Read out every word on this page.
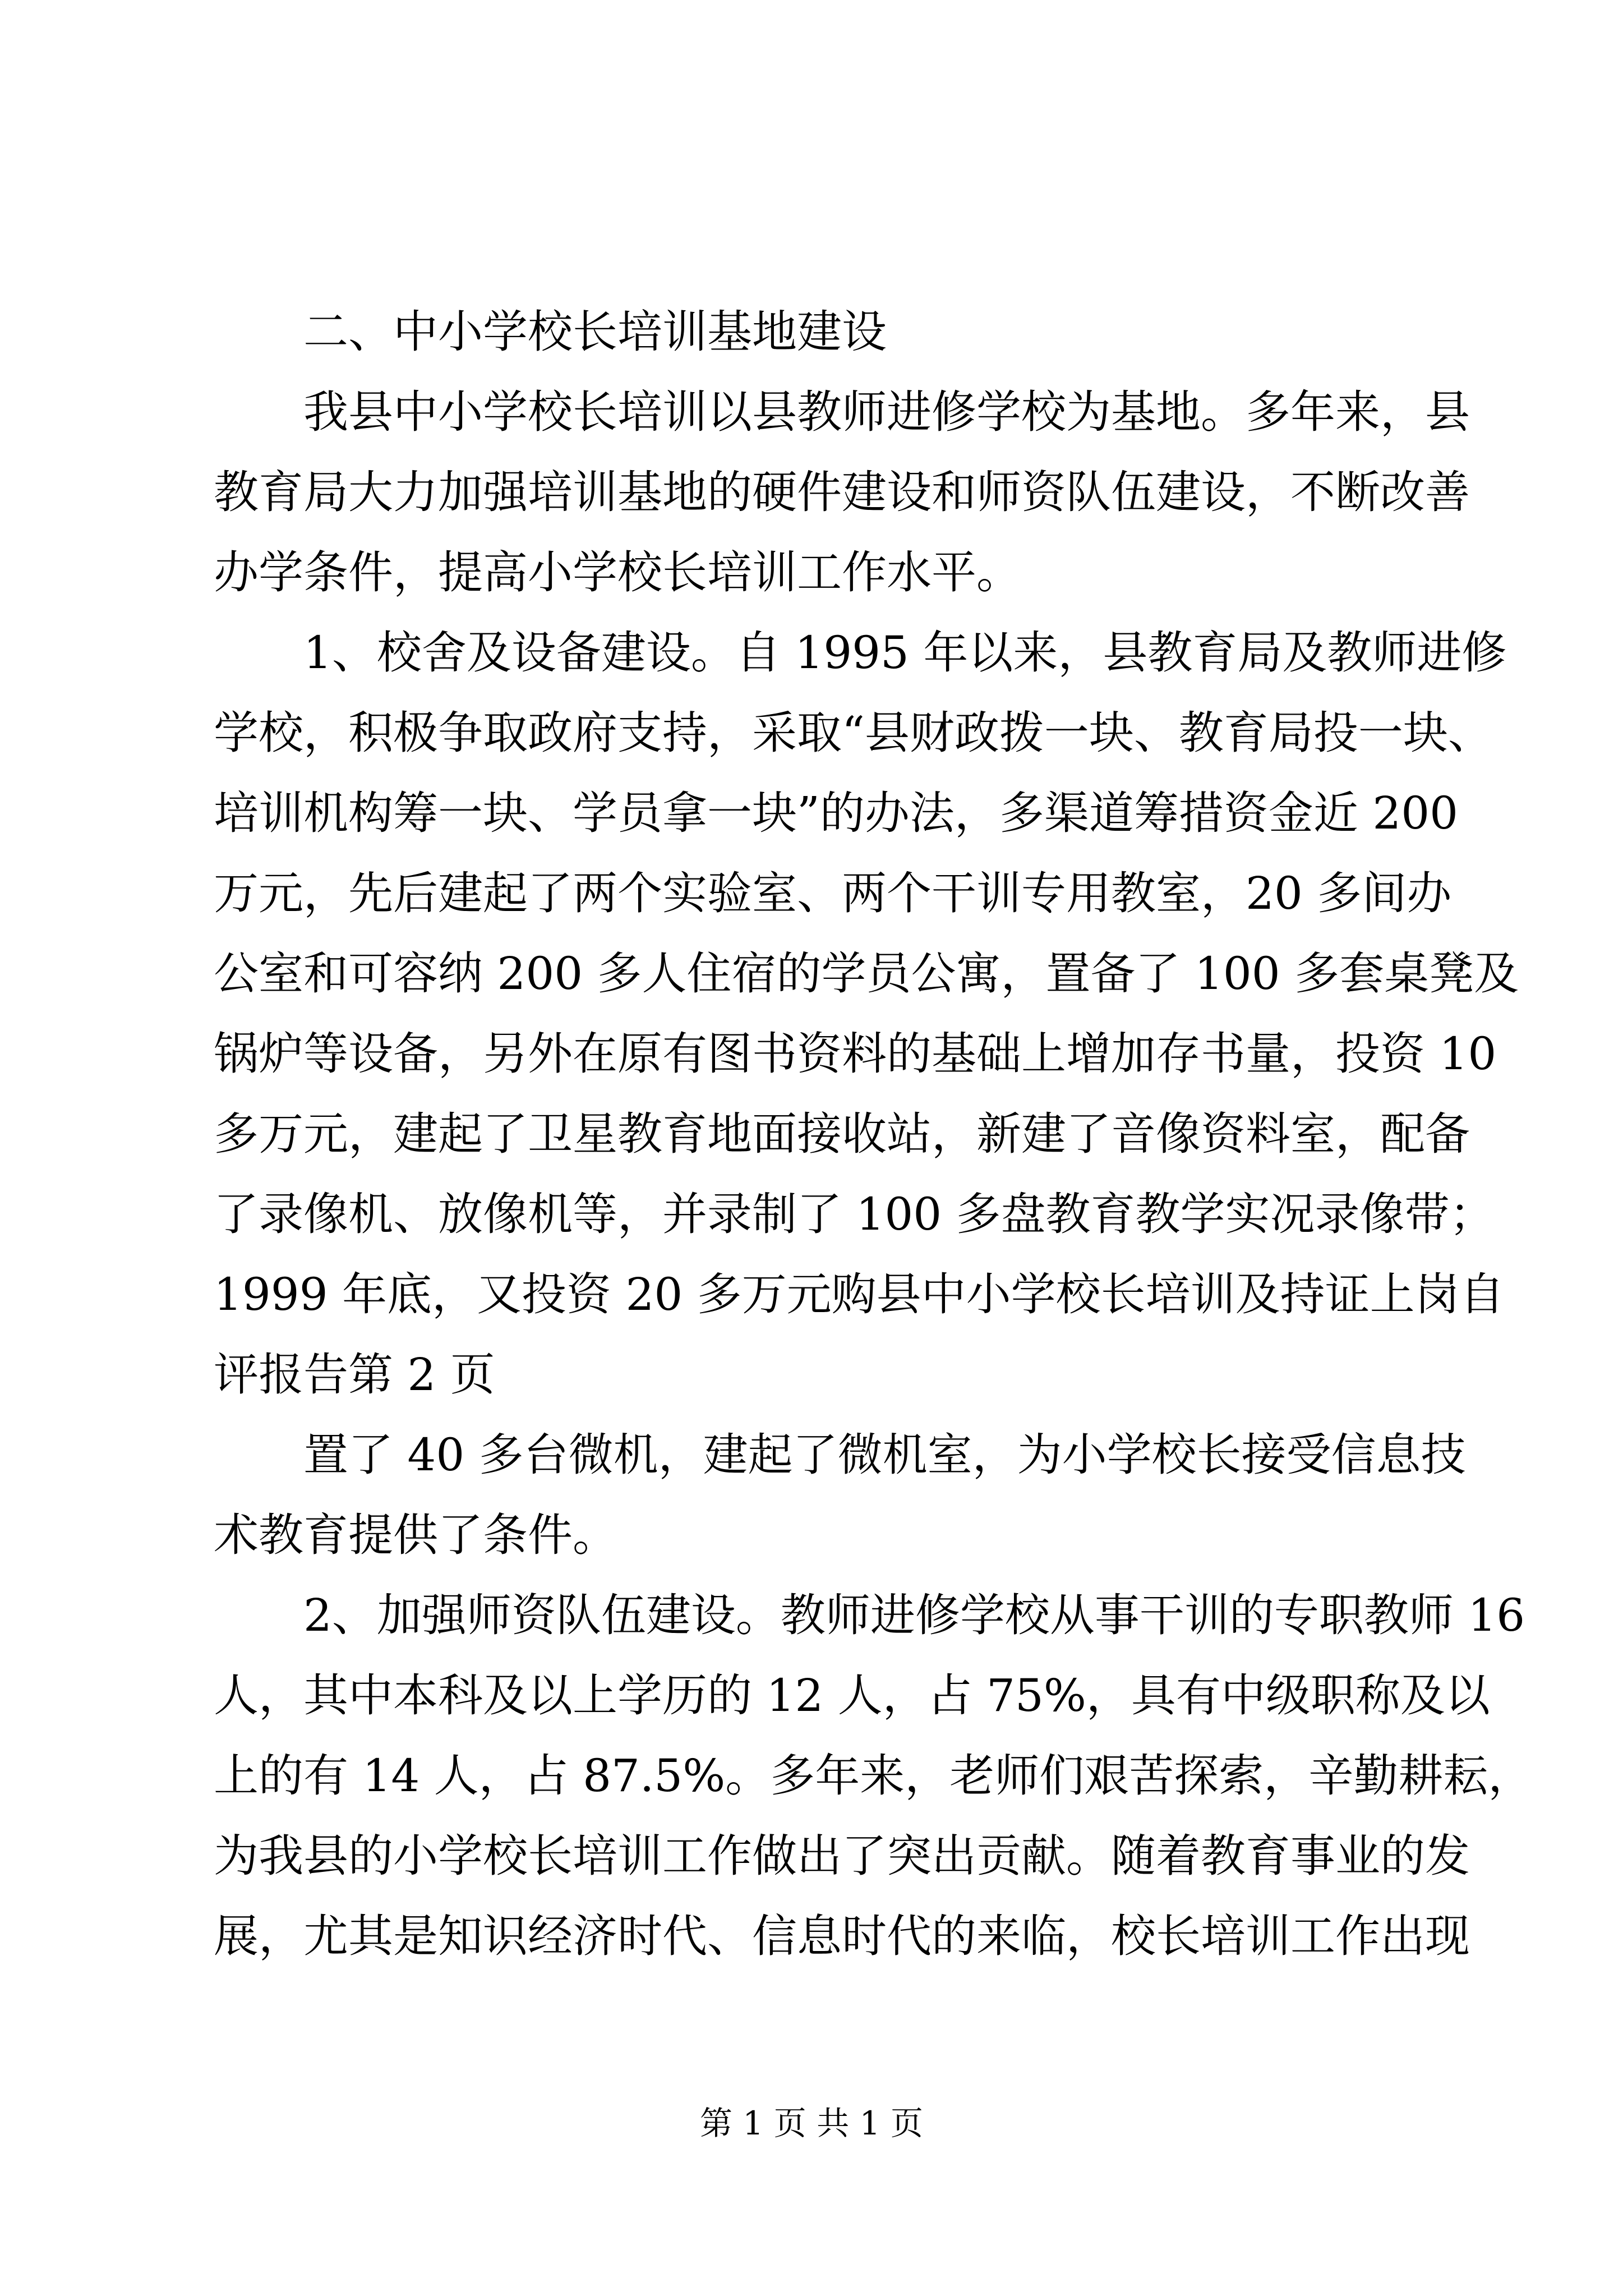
二、中小学校长培训基地建设
我县中小学校长培训以县教师进修学校为基地。多年来，县
教育局大力加强培训基地的硬件建设和师资队伍建设，不断改善
办学条件，提高小学校长培训工作水平。
1、校舍及设备建设。自 1995 年以来，县教育局及教师进修
学校，积极争取政府支持，采取“县财政拨一块、教育局投一块、
培训机构筹一块、学员拿一块”的办法，多渠道筹措资金近 200
万元，先后建起了两个实验室、两个干训专用教室，20 多间办
公室和可容纳 200 多人住宿的学员公寓，置备了 100 多套桌凳及
锅炉等设备，另外在原有图书资料的基础上增加存书量，投资 10
多万元，建起了卫星教育地面接收站，新建了音像资料室，配备
了录像机、放像机等，并录制了 100 多盘教育教学实况录像带；
1999 年底，又投资 20 多万元购县中小学校长培训及持证上岗自
评报告第 2 页
置了 40 多台微机，建起了微机室，为小学校长接受信息技
术教育提供了条件。
2、加强师资队伍建设。教师进修学校从事干训的专职教师 16
人，其中本科及以上学历的 12 人，占 75%，具有中级职称及以
上的有 14 人，占 87.5%。多年来，老师们艰苦探索，辛勤耕耘，
为我县的小学校长培训工作做出了突出贡献。随着教育事业的发
展，尤其是知识经济时代、信息时代的来临，校长培训工作出现
第 1 页 共 1 页
